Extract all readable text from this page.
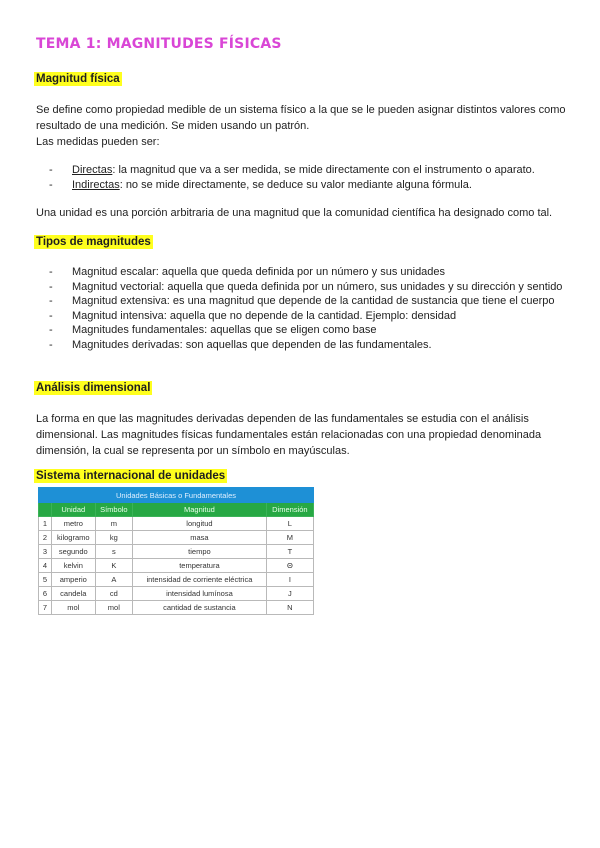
TEMA 1: MAGNITUDES FÍSICAS
Magnitud física
Se define como propiedad medible de un sistema físico a la que se le pueden asignar distintos valores como resultado de una medición. Se miden usando un patrón.
Las medidas pueden ser:
- Directas: la magnitud que va a ser medida, se mide directamente con el instrumento o aparato.
- Indirectas: no se mide directamente, se deduce su valor mediante alguna fórmula.
Una unidad es una porción arbitraria de una magnitud que la comunidad científica ha designado como tal.
Tipos de magnitudes
- Magnitud escalar: aquella que queda definida por un número y sus unidades
- Magnitud vectorial: aquella que queda definida por un número, sus unidades y su dirección y sentido
- Magnitud extensiva: es una magnitud que depende de la cantidad de sustancia que tiene el cuerpo
- Magnitud intensiva: aquella que no depende de la cantidad. Ejemplo: densidad
- Magnitudes fundamentales: aquellas que se eligen como base
- Magnitudes derivadas: son aquellas que dependen de las fundamentales.
Análisis dimensional
La forma en que las magnitudes derivadas dependen de las fundamentales se estudia con el análisis dimensional. Las magnitudes físicas fundamentales están relacionadas con una propiedad denominada dimensión, la cual se representa por un símbolo en mayúsculas.
Sistema internacional de unidades
Unidades Básicas o Fundamentales				
	Unidad	Símbolo	Magnitud	Dimensión
1	metro	m	longitud	L
2	kilogramo	kg	masa	M
3	segundo	s	tiempo	T
4	kelvin	K	temperatura	Θ
5	amperio	A	intensidad de corriente eléctrica	I
6	candela	cd	intensidad lumínosa	J
7	mol	mol	cantidad de sustancia	N
